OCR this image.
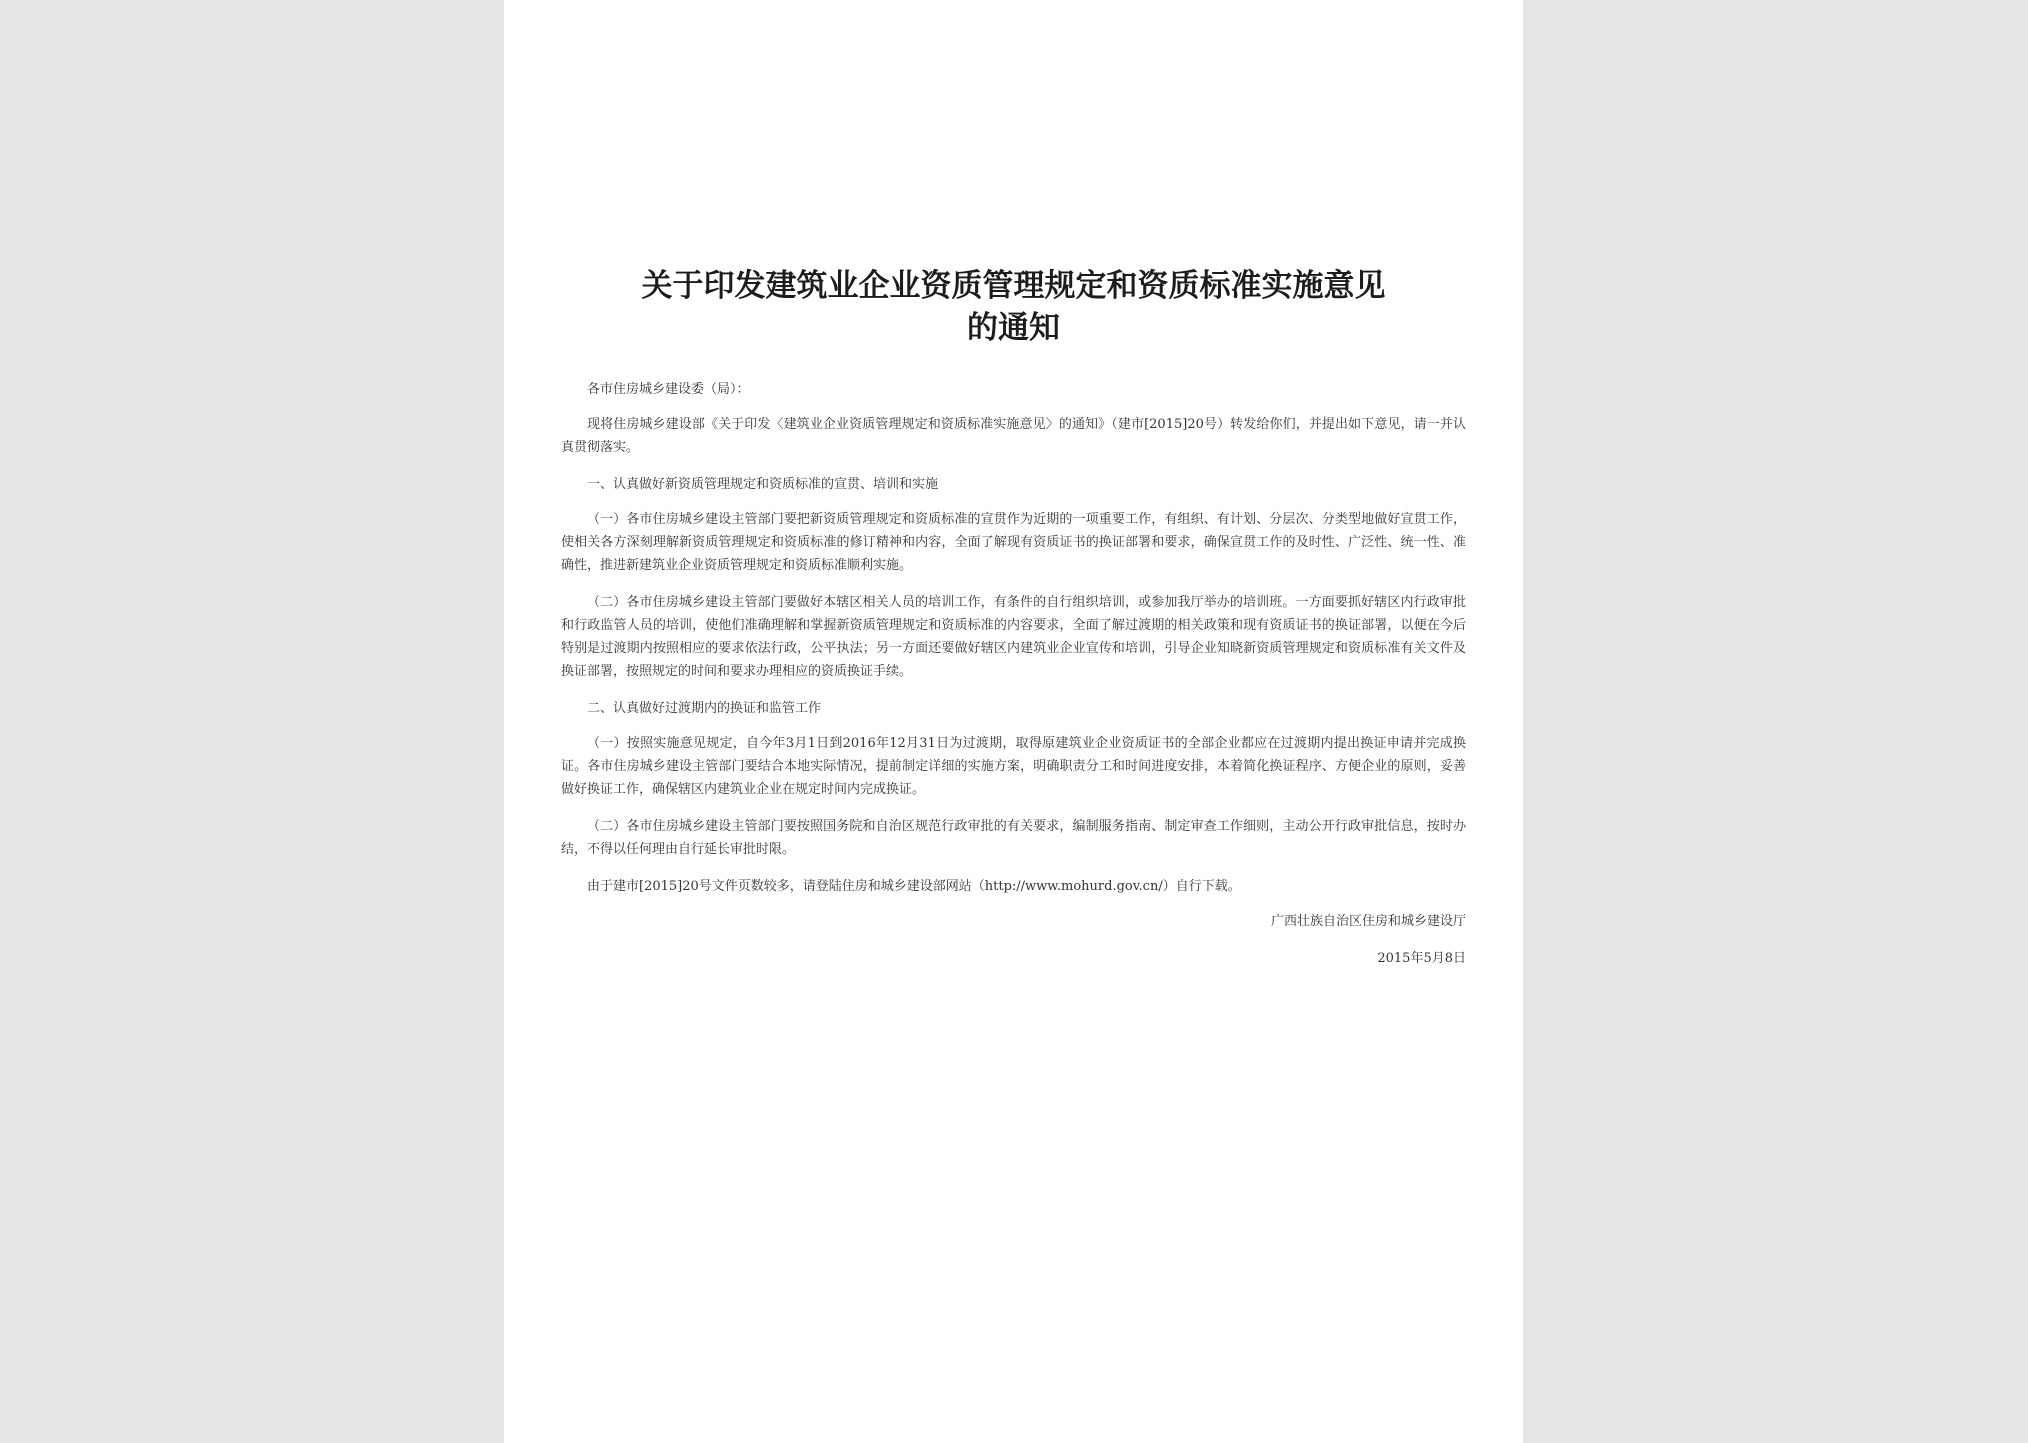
关于印发建筑业企业资质管理规定和资质标准实施意见
的通知

各市住房城乡建设委（局）：

现将住房城乡建设部《关于印发〈建筑业企业资质管理规定和资质标准实施意见〉的通知》（建市[2015]20号）转发给你们，并提出如下意见，请一并认真贯彻落实。

一、认真做好新资质管理规定和资质标准的宣贯、培训和实施

（一）各市住房城乡建设主管部门要把新资质管理规定和资质标准的宣贯作为近期的一项重要工作，有组织、有计划、分层次、分类型地做好宣贯工作，使相关各方深刻理解新资质管理规定和资质标准的修订精神和内容，全面了解现有资质证书的换证部署和要求，确保宣贯工作的及时性、广泛性、统一性、准确性，推进新建筑业企业资质管理规定和资质标准顺利实施。

（二）各市住房城乡建设主管部门要做好本辖区相关人员的培训工作，有条件的自行组织培训，或参加我厅举办的培训班。一方面要抓好辖区内行政审批和行政监管人员的培训，使他们准确理解和掌握新资质管理规定和资质标准的内容要求，全面了解过渡期的相关政策和现有资质证书的换证部署，以便在今后特别是过渡期内按照相应的要求依法行政，公平执法；另一方面还要做好辖区内建筑业企业宣传和培训，引导企业知晓新资质管理规定和资质标准有关文件及换证部署，按照规定的时间和要求办理相应的资质换证手续。

二、认真做好过渡期内的换证和监管工作

（一）按照实施意见规定，自今年3月1日到2016年12月31日为过渡期，取得原建筑业企业资质证书的全部企业都应在过渡期内提出换证申请并完成换证。各市住房城乡建设主管部门要结合本地实际情况，提前制定详细的实施方案，明确职责分工和时间进度安排，本着简化换证程序、方便企业的原则，妥善做好换证工作，确保辖区内建筑业企业在规定时间内完成换证。

（二）各市住房城乡建设主管部门要按照国务院和自治区规范行政审批的有关要求，编制服务指南、制定审查工作细则，主动公开行政审批信息，按时办结，不得以任何理由自行延长审批时限。

由于建市[2015]20号文件页数较多，请登陆住房和城乡建设部网站（http://www.mohurd.gov.cn/）自行下载。

广西壮族自治区住房和城乡建设厅

2015年5月8日
